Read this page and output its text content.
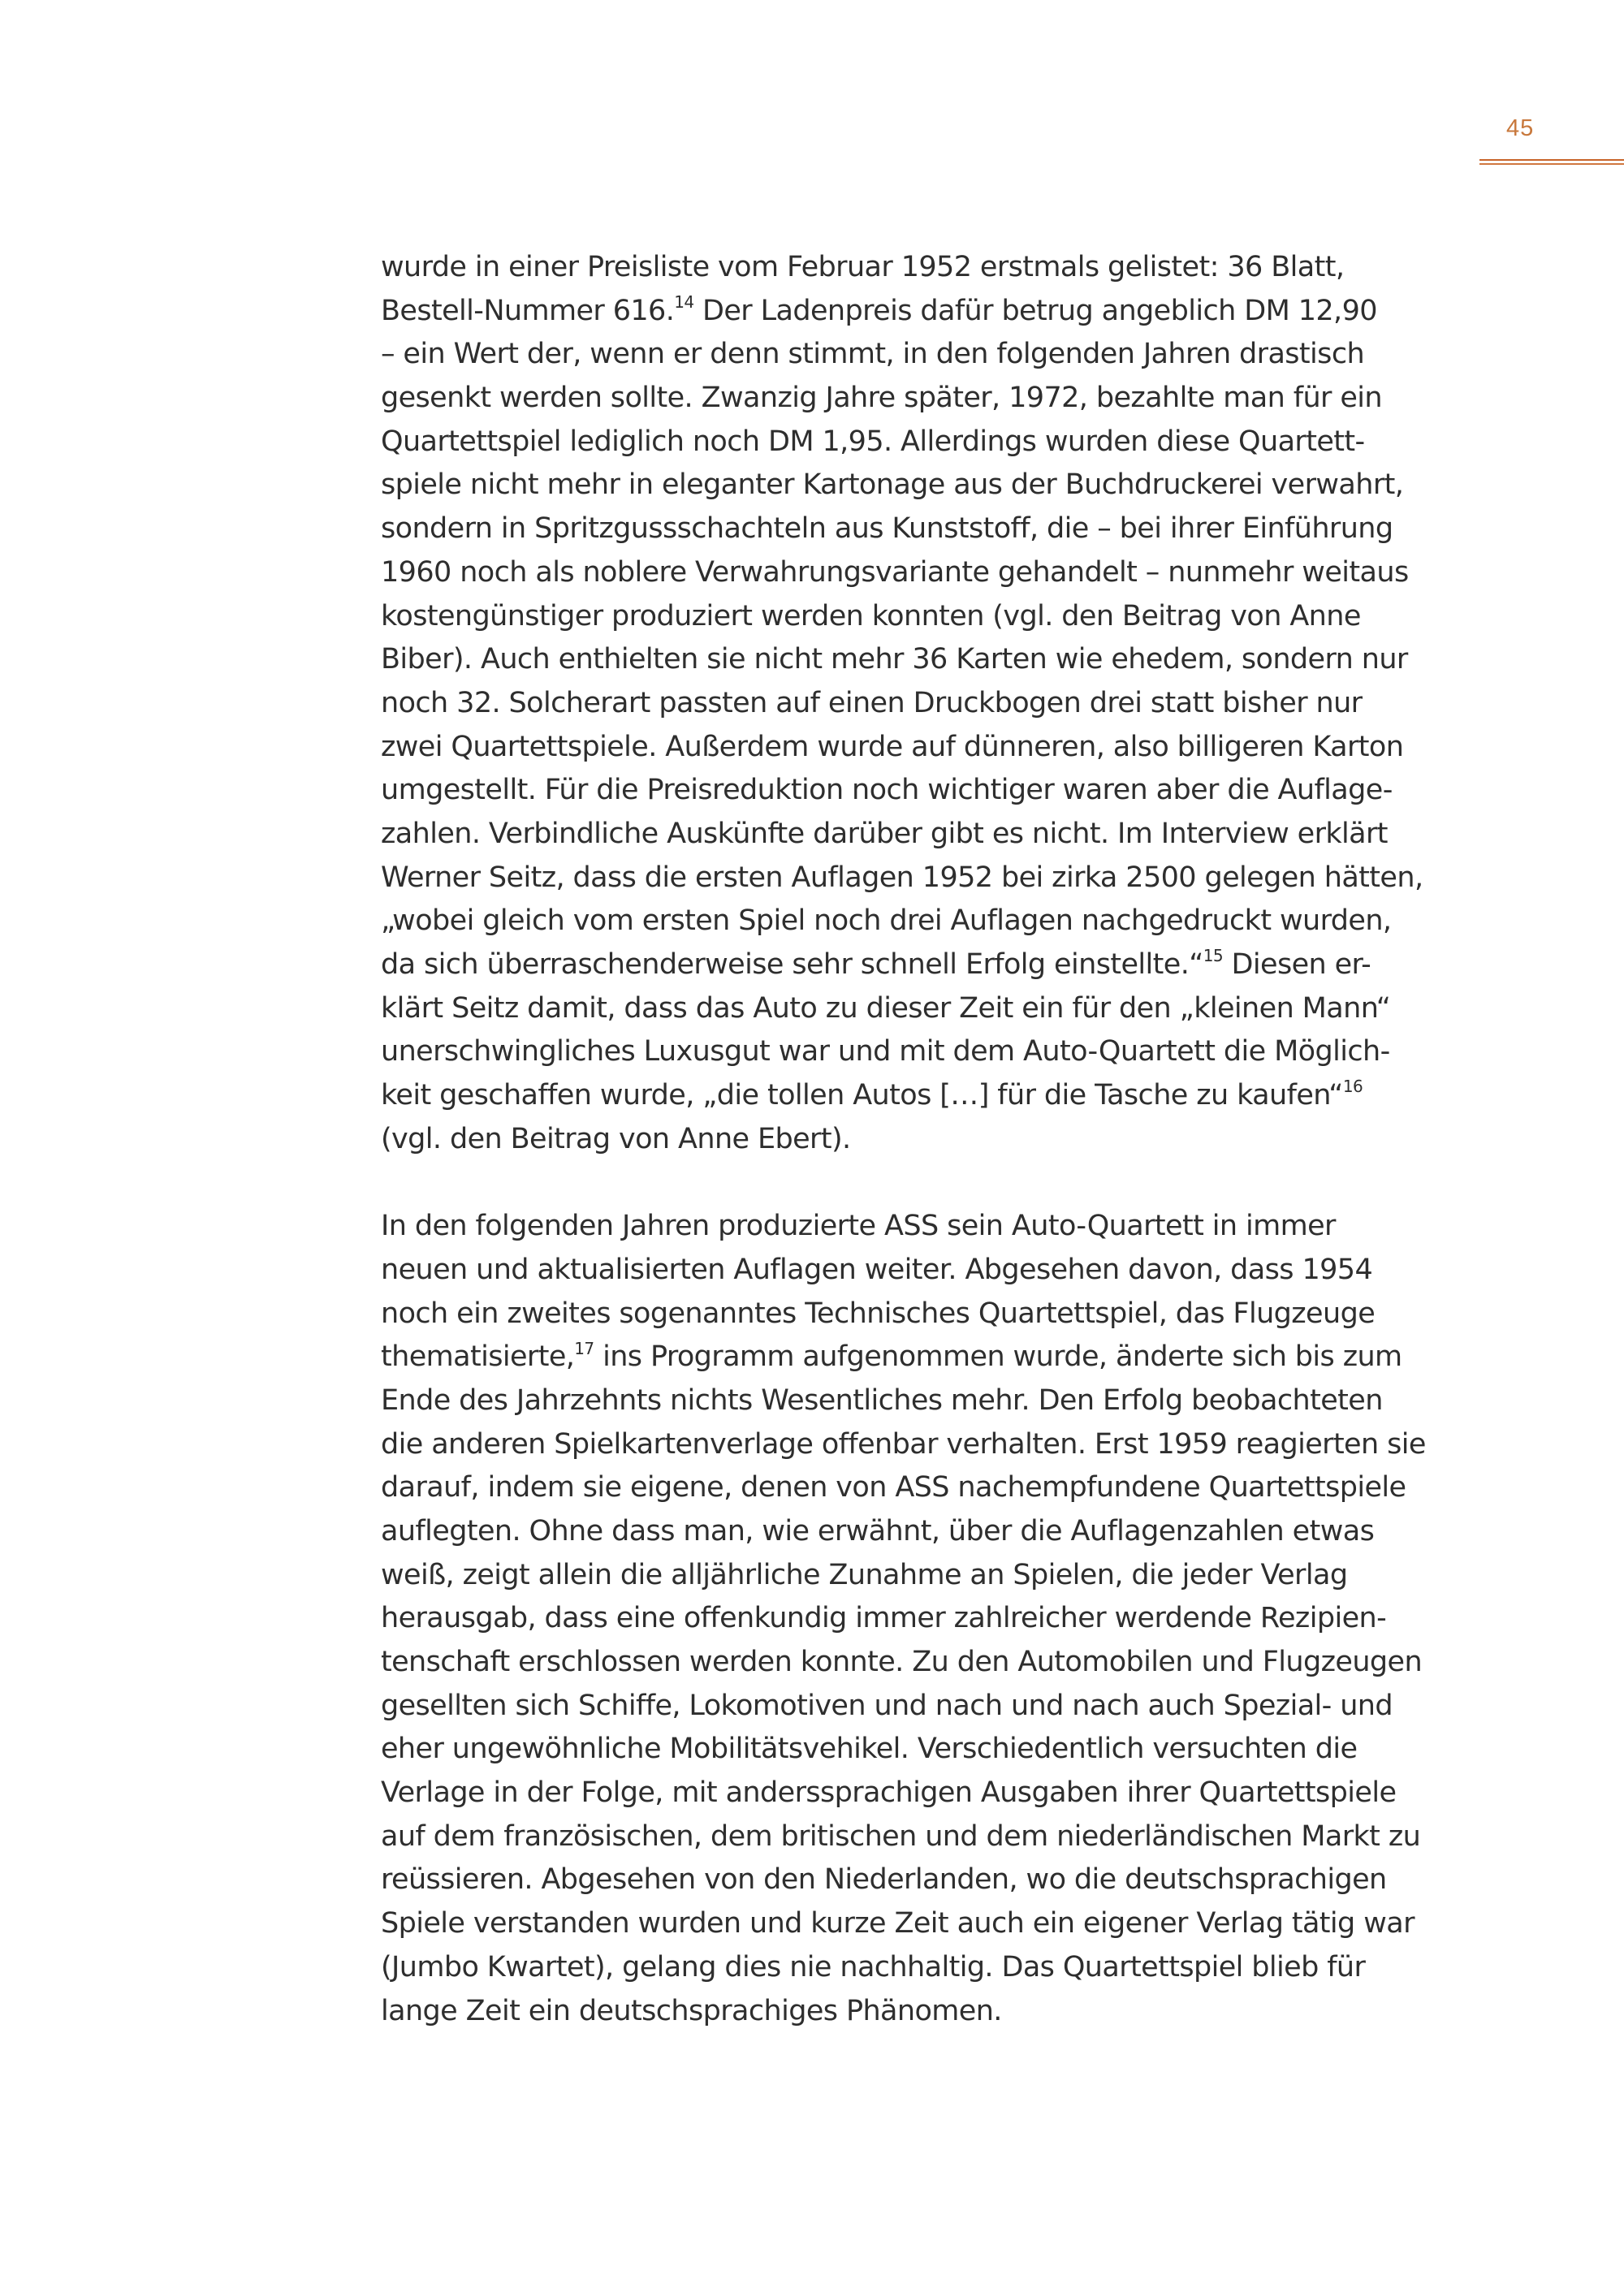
45
wurde in einer Preisliste vom Februar 1952 erstmals gelistet: 36 Blatt,
Bestell-Nummer 616.14 Der Ladenpreis dafür betrug angeblich DM 12,90
– ein Wert der, wenn er denn stimmt, in den folgenden Jahren drastisch
gesenkt werden sollte. Zwanzig Jahre später, 1972, bezahlte man für ein
Quartettspiel lediglich noch DM 1,95. Allerdings wurden diese Quartett-
spiele nicht mehr in eleganter Kartonage aus der Buchdruckerei verwahrt,
sondern in Spritzgussschachteln aus Kunststoff, die – bei ihrer Einführung
1960 noch als noblere Verwahrungsvariante gehandelt – nunmehr weitaus
kostengünstiger produziert werden konnten (vgl. den Beitrag von Anne
Biber). Auch enthielten sie nicht mehr 36 Karten wie ehedem, sondern nur
noch 32. Solcherart passten auf einen Druckbogen drei statt bisher nur
zwei Quartettspiele. Außerdem wurde auf dünneren, also billigeren Karton
umgestellt. Für die Preisreduktion noch wichtiger waren aber die Auflage-
zahlen. Verbindliche Auskünfte darüber gibt es nicht. Im Interview erklärt
Werner Seitz, dass die ersten Auflagen 1952 bei zirka 2500 gelegen hätten,
„wobei gleich vom ersten Spiel noch drei Auflagen nachgedruckt wurden,
da sich überraschenderweise sehr schnell Erfolg einstellte.“$^{15}$ Diesen er-
klärt Seitz damit, dass das Auto zu dieser Zeit ein für den „kleinen Mann“
unerschwingliches Luxusgut war und mit dem Auto-Quartett die Möglich-
keit geschaffen wurde, „die tollen Autos […] für die Tasche zu kaufen“$^{16}$
(vgl. den Beitrag von Anne Ebert).
In den folgenden Jahren produzierte ASS sein Auto-Quartett in immer
neuen und aktualisierten Auflagen weiter. Abgesehen davon, dass 1954
noch ein zweites sogenanntes Technisches Quartettspiel, das Flugzeuge
thematisierte,$^{17}$ ins Programm aufgenommen wurde, änderte sich bis zum
Ende des Jahrzehnts nichts Wesentliches mehr. Den Erfolg beobachteten
die anderen Spielkartenverlage offenbar verhalten. Erst 1959 reagierten sie
darauf, indem sie eigene, denen von ASS nachempfundene Quartettspiele
auflegten. Ohne dass man, wie erwähnt, über die Auflagenzahlen etwas
weiß, zeigt allein die alljährliche Zunahme an Spielen, die jeder Verlag
herausgab, dass eine offenkundig immer zahlreicher werdende Rezipien-
tenschaft erschlossen werden konnte. Zu den Automobilen und Flugzeugen
gesellten sich Schiffe, Lokomotiven und nach und nach auch Spezial- und
eher ungewöhnliche Mobilitätsvehikel. Verschiedentlich versuchten die
Verlage in der Folge, mit anderssprachigen Ausgaben ihrer Quartettspiele
auf dem französischen, dem britischen und dem niederländischen Markt zu
reüssieren. Abgesehen von den Niederlanden, wo die deutschsprachigen
Spiele verstanden wurden und kurze Zeit auch ein eigener Verlag tätig war
(Jumbo Kwartet), gelang dies nie nachhaltig. Das Quartettspiel blieb für
lange Zeit ein deutschsprachiges Phänomen.
